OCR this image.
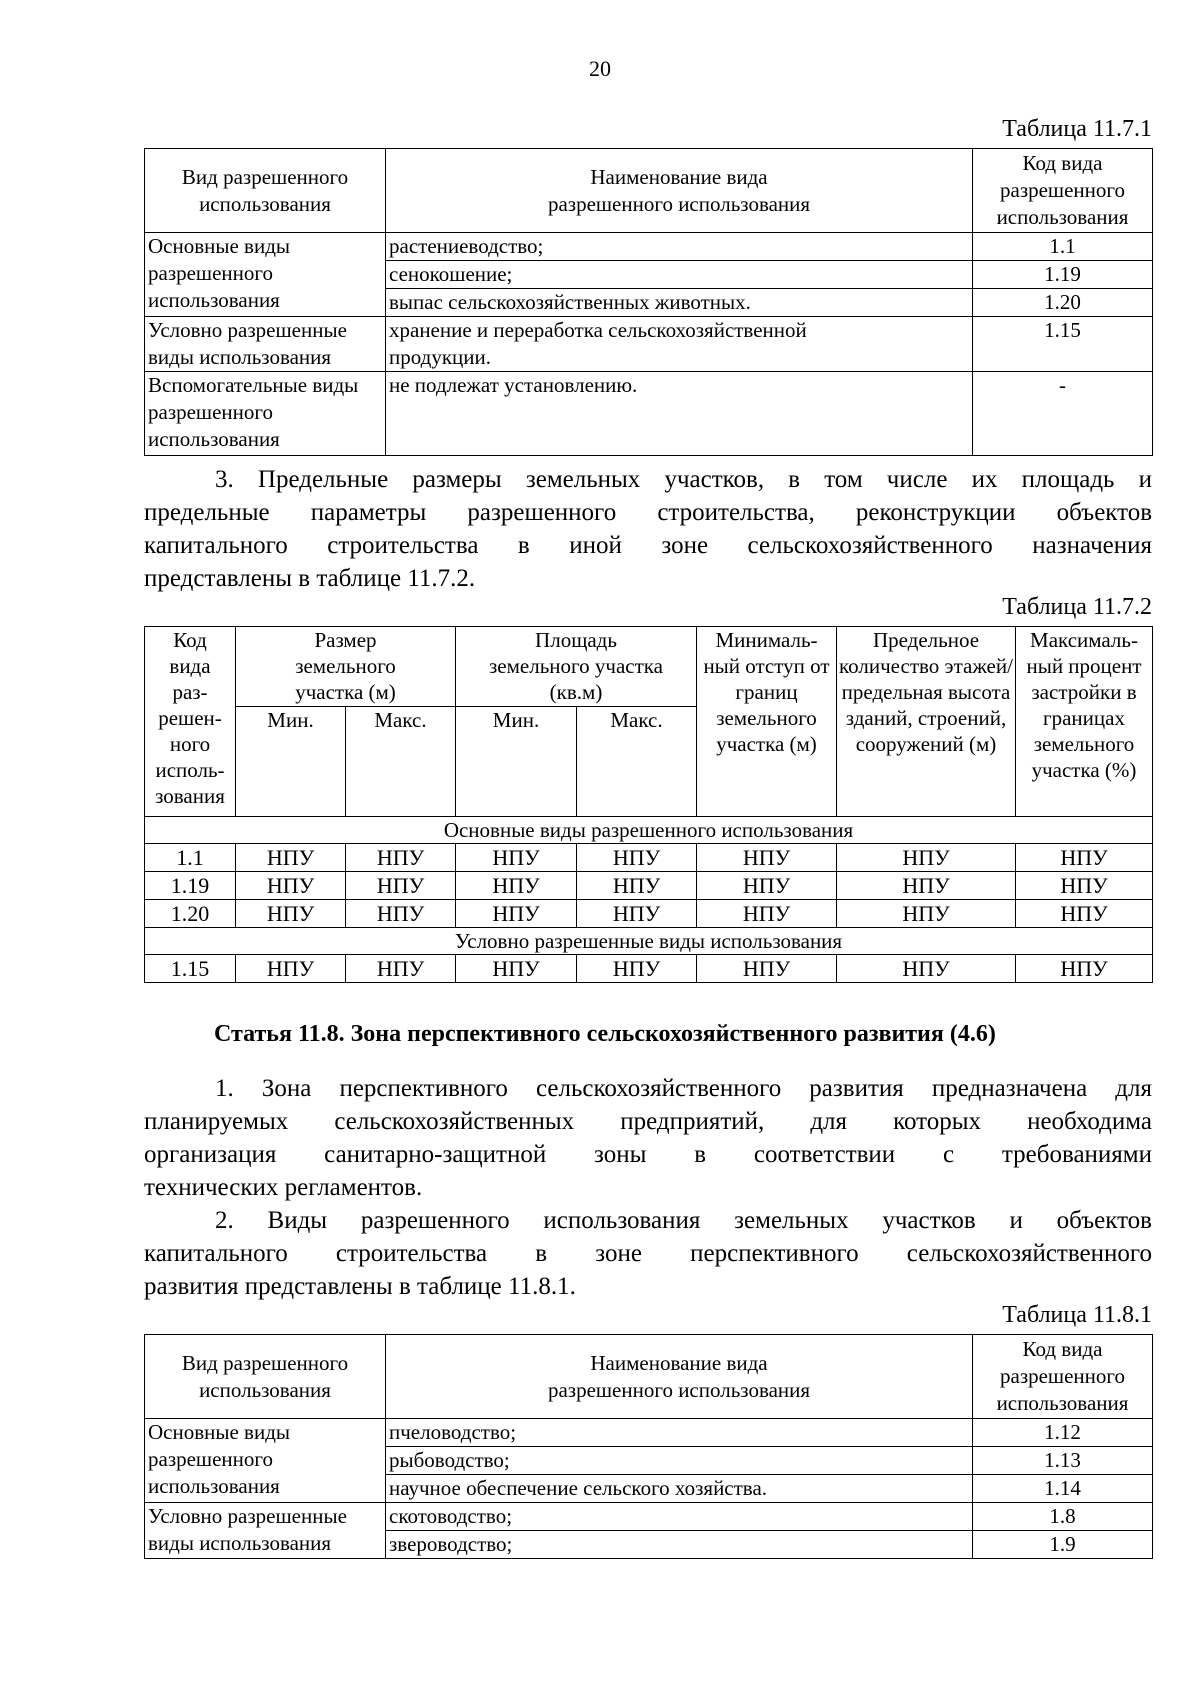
20
Таблица 11.7.1
Вид разрешенного использования	Наименование вида разрешенного использования	Код вида разрешенного использования
Основные виды разрешенного использования	растениеводство;	1.1
	сенокошение;	1.19
	выпас сельскохозяйственных животных.	1.20
Условно разрешенные виды использования	хранение и переработка сельскохозяйственной продукции.	1.15
Вспомогательные виды разрешенного использования	не подлежат установлению.	-
3. Предельные размеры земельных участков, в том числе их площадь и
предельные параметры разрешенного строительства, реконструкции объектов
капитального строительства в иной зоне сельскохозяйственного назначения
представлены в таблице 11.7.2.
Таблица 11.7.2
Код вида раз-решен-ного исполь-зования	Размер земельного участка (м)		Площадь земельного участка (кв.м)		Минималь-ный отступ от границ земельного участка (м)	Предельное количество этажей/ предельная высота зданий, строений, сооружений (м)	Максималь-ный процент застройки в границах земельного участка (%)
	Мин.	Макс.	Мин.	Макс.			
Основные виды разрешенного использования							
1.1	НПУ	НПУ	НПУ	НПУ	НПУ	НПУ	НПУ
1.19	НПУ	НПУ	НПУ	НПУ	НПУ	НПУ	НПУ
1.20	НПУ	НПУ	НПУ	НПУ	НПУ	НПУ	НПУ
Условно разрешенные виды использования							
1.15	НПУ	НПУ	НПУ	НПУ	НПУ	НПУ	НПУ
Статья 11.8. Зона перспективного сельскохозяйственного развития (4.6)
1. Зона перспективного сельскохозяйственного развития предназначена для
планируемых сельскохозяйственных предприятий, для которых необходима
организация санитарно-защитной зоны в соответствии с требованиями
технических регламентов.
2. Виды разрешенного использования земельных участков и объектов
капитального строительства в зоне перспективного сельскохозяйственного
развития представлены в таблице 11.8.1.
Таблица 11.8.1
Вид разрешенного использования	Наименование вида разрешенного использования	Код вида разрешенного использования
Основные виды разрешенного использования	пчеловодство;	1.12
	рыбоводство;	1.13
	научное обеспечение сельского хозяйства.	1.14
Условно разрешенные виды использования	скотоводство;	1.8
	звероводство;	1.9
